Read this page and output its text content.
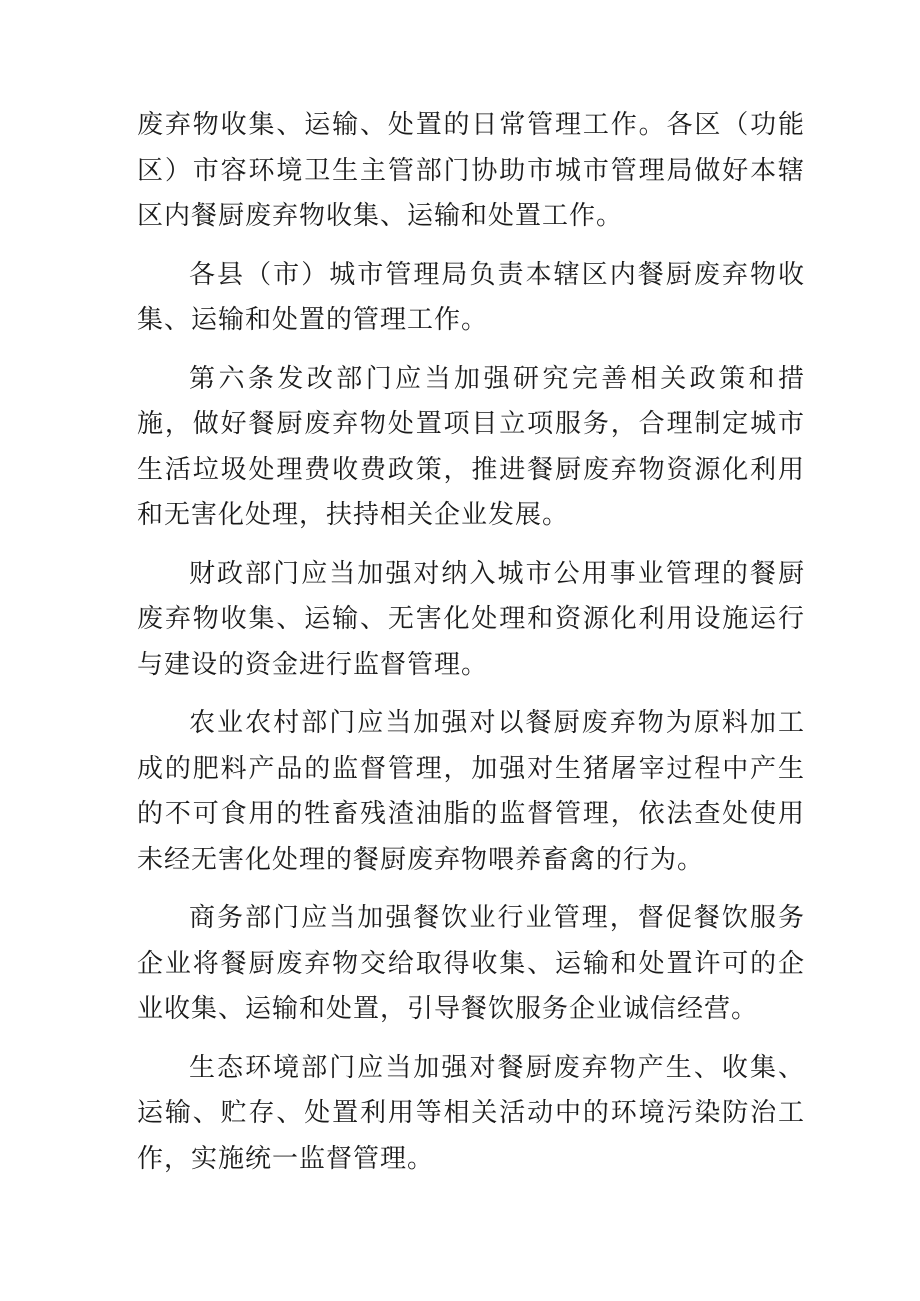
废弃物收集、运输、处置的日常管理工作。各区（功能区）市容环境卫生主管部门协助市城市管理局做好本辖区内餐厨废弃物收集、运输和处置工作。

各县（市）城市管理局负责本辖区内餐厨废弃物收集、运输和处置的管理工作。

第六条发改部门应当加强研究完善相关政策和措施，做好餐厨废弃物处置项目立项服务，合理制定城市生活垃圾处理费收费政策，推进餐厨废弃物资源化利用和无害化处理，扶持相关企业发展。

财政部门应当加强对纳入城市公用事业管理的餐厨废弃物收集、运输、无害化处理和资源化利用设施运行与建设的资金进行监督管理。

农业农村部门应当加强对以餐厨废弃物为原料加工成的肥料产品的监督管理，加强对生猪屠宰过程中产生的不可食用的牲畜残渣油脂的监督管理，依法查处使用未经无害化处理的餐厨废弃物喂养畜禽的行为。

商务部门应当加强餐饮业行业管理，督促餐饮服务企业将餐厨废弃物交给取得收集、运输和处置许可的企业收集、运输和处置，引导餐饮服务企业诚信经营。

生态环境部门应当加强对餐厨废弃物产生、收集、运输、贮存、处置利用等相关活动中的环境污染防治工作，实施统一监督管理。
